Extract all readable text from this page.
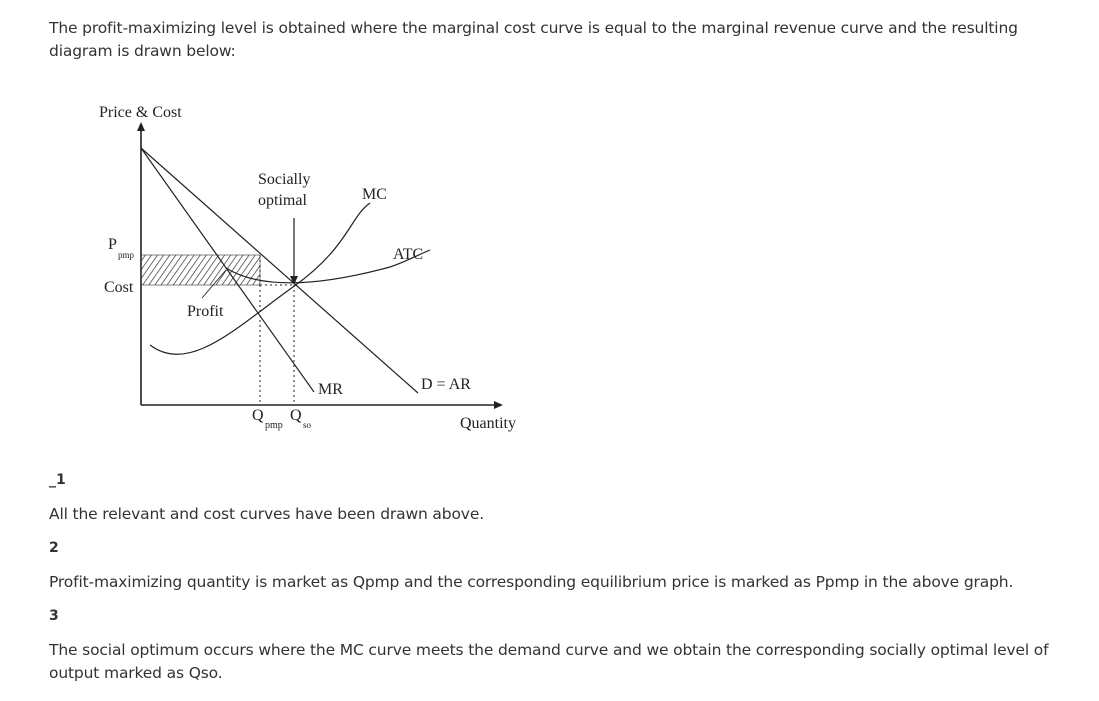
The profit-maximizing level is obtained where the marginal cost curve is equal to the marginal revenue curve and the resulting diagram is drawn below:

Price & Cost
Quantity
Socially
optimal	MC
ATC
MR	D = AR
Profit
P
pmp
Cost
Q
pmp
Q
so

_1

All the relevant and cost curves have been drawn above.

2

Profit-maximizing quantity is market as Qpmp and the corresponding equilibrium price is marked as Ppmp in the above graph.

3

The social optimum occurs where the MC curve meets the demand curve and we obtain the corresponding socially optimal level of output marked as Qso.
